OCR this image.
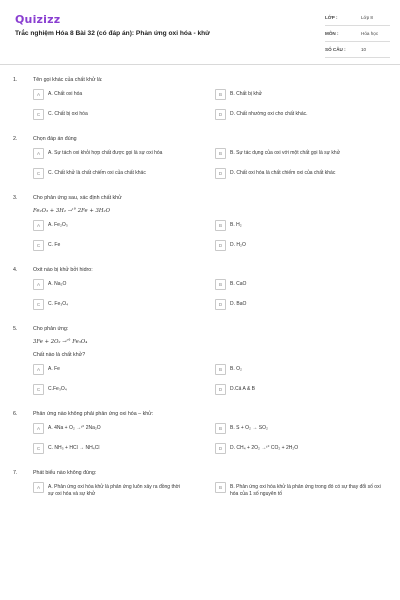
Quizizz
Trắc nghiệm Hóa 8 Bài 32 (có đáp án): Phản ứng oxi hóa - khử
LỚP :	Lớp 8
MÔN :	Hóa học
SỐ CÂU :	10
1.	Tên gọi khác của chất khử là:
A	A. Chất oxi hóa	B	B. Chất bị khử
C	C. Chất bị oxi hóa	D	D. Chất nhường oxi cho chất khác.
2.	Chọn đáp án đúng
A	A. Sự tách oxi khỏi hợp chất được gọi là sự oxi hóa	B	B. Sự tác dụng của oxi với một chất gọi là sự khử
C	C. Chất khử là chất chiếm oxi của chất khác	D	D. Chất oxi hóa là chất chiếm oxi của chất khác
3.	Cho phản ứng sau, xác định chất khử
Fe₂O₃ + 3H₂ →ᵗ° 2Fe + 3H₂O
A	A. Fe₂O₃	B	B. H₂
C	C. Fe	D	D. H₂O
4.	Oxit nào bị khử bởi hidro:
A	A. Na₂O	B	B. CaO
C	C. Fe₃O₄	D	D. BaO
5.	Cho phản ứng:
3Fe + 2O₂ →ᵗ° Fe₃O₄
Chất nào là chất khử?
A	A. Fe	B	B. O₂
C	C.Fe₃O₄	D	D.Cả A & B
6.	Phản ứng nào không phải phản ứng oxi hóa – khử:
A	A. 4Na + O₂ →ᵗ° 2Na₂O	B	B. S + O₂ → SO₂
C	C. NH₃ + HCl → NH₄Cl	D	D. CH₄ + 2O₂ →ᵗ° CO₂ + 2H₂O
7.	Phát biểu nào không đúng:
A	A. Phản ứng oxi hóa khử là phản ứng luôn xảy ra đồng thời sự oxi hóa và sự khử
B	B. Phản ứng oxi hóa khử là phản ứng trong đó có sự thay đổi số oxi hóa của 1 số nguyên tố
